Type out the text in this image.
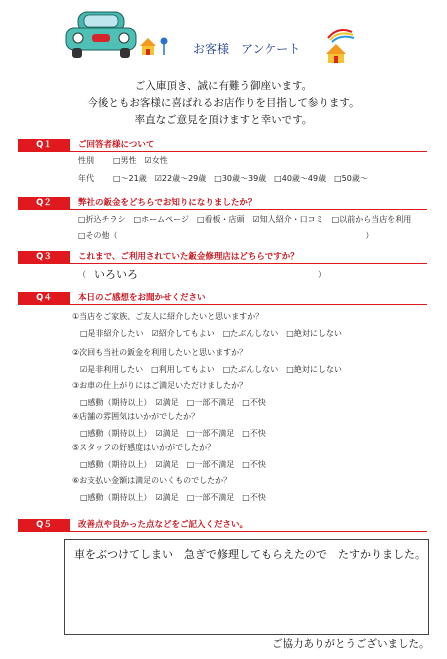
お客様　アンケート
ご入庫頂き、誠に有難う御座います。
今後ともお客様に喜ばれるお店作りを目指して参ります。
率直なご意見を頂けますと幸いです。
Q１	ご回答者様について
性別 □男性　☑女性
年代 □～21歳　☑22歳～29歳　□30歳～39歳　□40歳～49歳　□50歳～
Q２	弊社の鈑金をどちらでお知りになりましたか？
□折込チラシ　□ホームページ　□看板・店頭　☑知人紹介・口コミ　□以前から当店を利用
□その他（　　　　　　　　　　　　　　　　　　　　　　　　　　　　　　　）
Q３	これまで、ご利用されていた鈑金修理店はどちらですか？
（ いろいろ	）
Q４	本日のご感想をお聞かせください
①当店をご家族、ご友人に紹介したいと思いますか？
□是非紹介したい　☑紹介してもよい　□たぶんしない　□絶対にしない
②次回も当社の鈑金を利用したいと思いますか？
☑是非利用したい　□利用してもよい　□たぶんしない　□絶対にしない
③お車の仕上がりにはご満足いただけましたか？
□感動（期待以上）　☑満足　□一部不満足　□不快
④店舗の雰囲気はいかがでしたか？
□感動（期待以上）　☑満足　□一部不満足　□不快
⑤スタッフの好感度はいかがでしたか？
□感動（期待以上）　☑満足　□一部不満足　□不快
⑥お支払い金額は満足のいくものでしたか？
□感動（期待以上）　☑満足　□一部不満足　□不快
Q５	改善点や良かった点などをご記入ください。
車をぶつけてしまい　急ぎで修理してもらえたので　たすかりました。
ご協力ありがとうございました。
